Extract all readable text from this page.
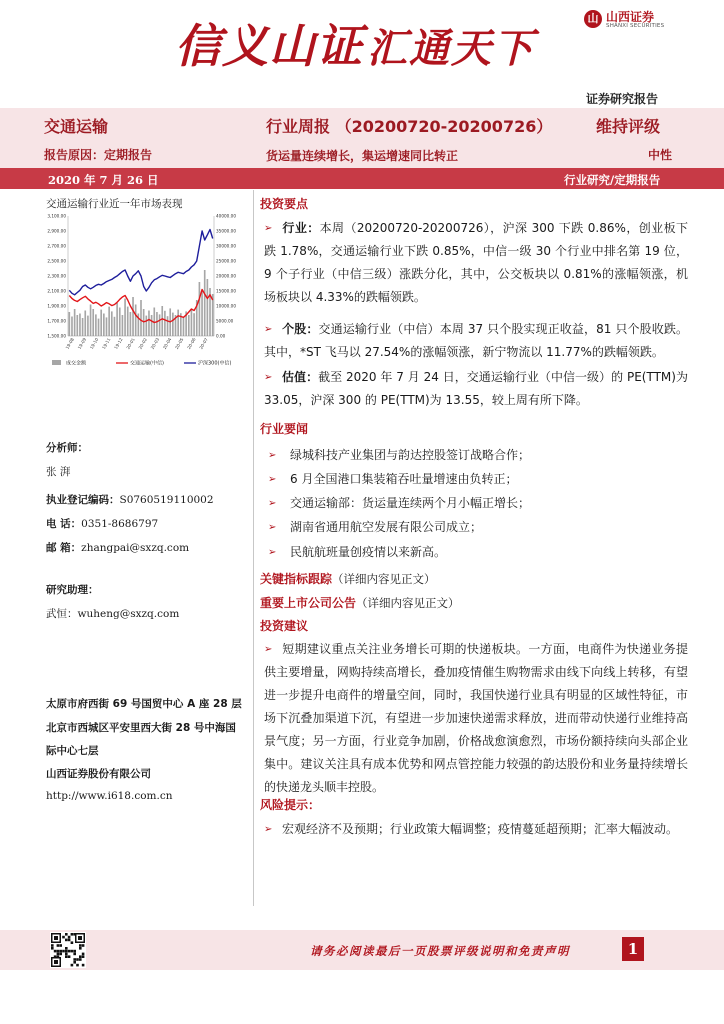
信义山证 汇通天下
山 山西证券
SHANXI SECURITIES
证券研究报告
交通运输
报告原因：定期报告
行业周报 （20200720-20200726）
货运量连续增长，集运增速同比转正
维持评级
中性
2020 年 7 月 26 日	行业研究/定期报告
交通运输行业近一年市场表现
3,100.00
2,900.00
2,700.00
2,500.00
2,300.00
2,100.00
1,900.00
1,700.00
1,500.00
40000.00
35000.00
30000.00
25000.00
20000.00
15000.00
10000.00
5000.00
0.00
19-08 19-09 19-10 19-11 19-12 20-01 20-02 20-03 20-04 20-05 20-06 20-07
成交金额	交通运输(中信)	沪深300(中信)
分析师：
张 湃
执业登记编码：S0760519110002
电 话：0351-8686797
邮 箱：zhangpai@sxzq.com
研究助理：
武恒：wuheng@sxzq.com
太原市府西街 69 号国贸中心 A 座 28 层
北京市西城区平安里西大街 28 号中海国
际中心七层
山西证券股份有限公司
http://www.i618.com.cn
投资要点
➢ 行业：本周（20200720-20200726），沪深 300 下跌 0.86%，创业板下跌 1.78%，交通运输行业下跌 0.85%，中信一级 30 个行业中排名第 19 位，9 个子行业（中信三级）涨跌分化，其中，公交板块以 0.81%的涨幅领涨，机场板块以 4.33%的跌幅领跌。
➢ 个股：交通运输行业（中信）本周 37 只个股实现正收益，81 只个股收跌。其中，*ST 飞马以 27.54%的涨幅领涨，新宁物流以 11.77%的跌幅领跌。
➢ 估值：截至 2020 年 7 月 24 日，交通运输行业（中信一级）的 PE(TTM)为 33.05，沪深 300 的 PE(TTM)为 13.55，较上周有所下降。
行业要闻
➢ 绿城科技产业集团与韵达控股签订战略合作；
➢ 6 月全国港口集装箱吞吐量增速由负转正；
➢ 交通运输部：货运量连续两个月小幅正增长；
➢ 湖南省通用航空发展有限公司成立；
➢ 民航航班量创疫情以来新高。
关键指标跟踪（详细内容见正文）
重要上市公司公告（详细内容见正文）
投资建议
➢ 短期建议重点关注业务增长可期的快递板块。一方面，电商件为快递业务提供主要增量，网购持续高增长，叠加疫情催生购物需求由线下向线上转移，有望进一步提升电商件的增量空间，同时，我国快递行业具有明显的区域性特征，市场下沉叠加渠道下沉，有望进一步加速快递需求释放，进而带动快递行业维持高景气度；另一方面，行业竞争加剧，价格战愈演愈烈，市场份额持续向头部企业集中。建议关注具有成本优势和网点管控能力较强的韵达股份和业务量持续增长的快递龙头顺丰控股。
风险提示：
➢ 宏观经济不及预期；行业政策大幅调整；疫情蔓延超预期；汇率大幅波动。
请务必阅读最后一页股票评级说明和免责声明	1
